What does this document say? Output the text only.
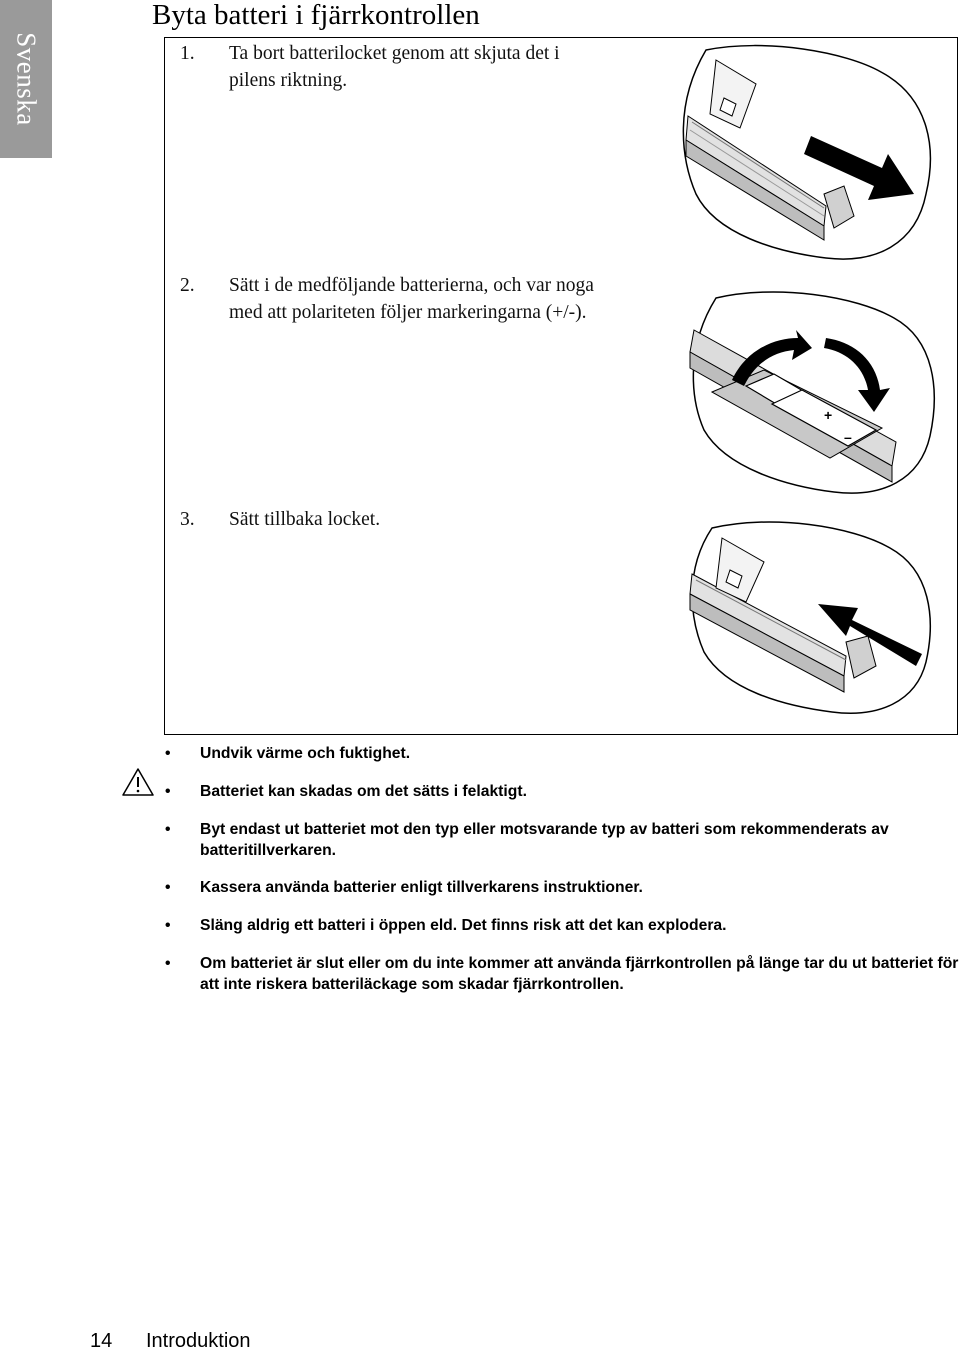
Svenska
Byta batteri i fjärrkontrollen
1. Ta bort batterilocket genom att skjuta det i pilens riktning.
2. Sätt i de medföljande batterierna, och var noga med att polariteten följer markeringarna (+/-).
3. Sätt tillbaka locket.
+
–
• Undvik värme och fuktighet.
• Batteriet kan skadas om det sätts i felaktigt.
• Byt endast ut batteriet mot den typ eller motsvarande typ av batteri som rekommenderats av batteritillverkaren.
• Kassera använda batterier enligt tillverkarens instruktioner.
• Släng aldrig ett batteri i öppen eld. Det finns risk att det kan explodera.
• Om batteriet är slut eller om du inte kommer att använda fjärrkontrollen på länge tar du ut batteriet för att inte riskera batteriläckage som skadar fjärrkontrollen.
14 Introduktion
